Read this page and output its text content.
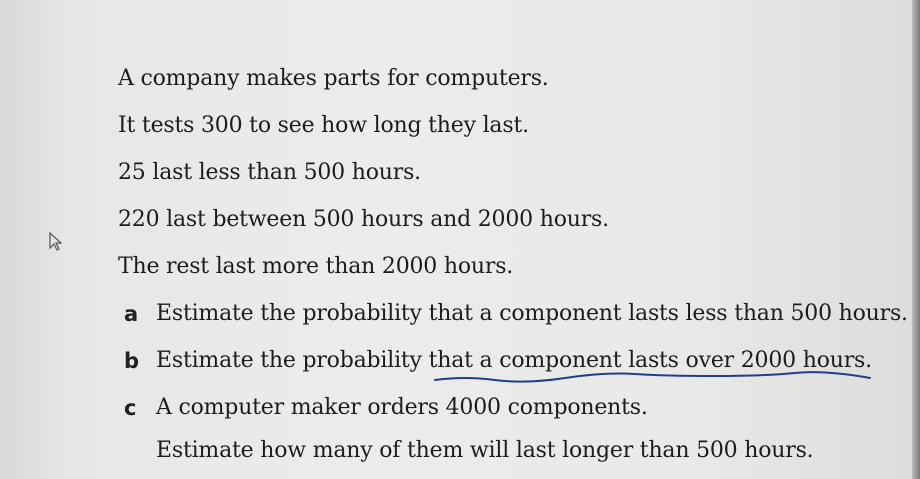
A company makes parts for computers.
It tests 300 to see how long they last.
25 last less than 500 hours.
220 last between 500 hours and 2000 hours.
The rest last more than 2000 hours.
a Estimate the probability that a component lasts less than 500 hours.
b Estimate the probability that a component lasts over 2000 hours.
c A computer maker orders 4000 components.
Estimate how many of them will last longer than 500 hours.
